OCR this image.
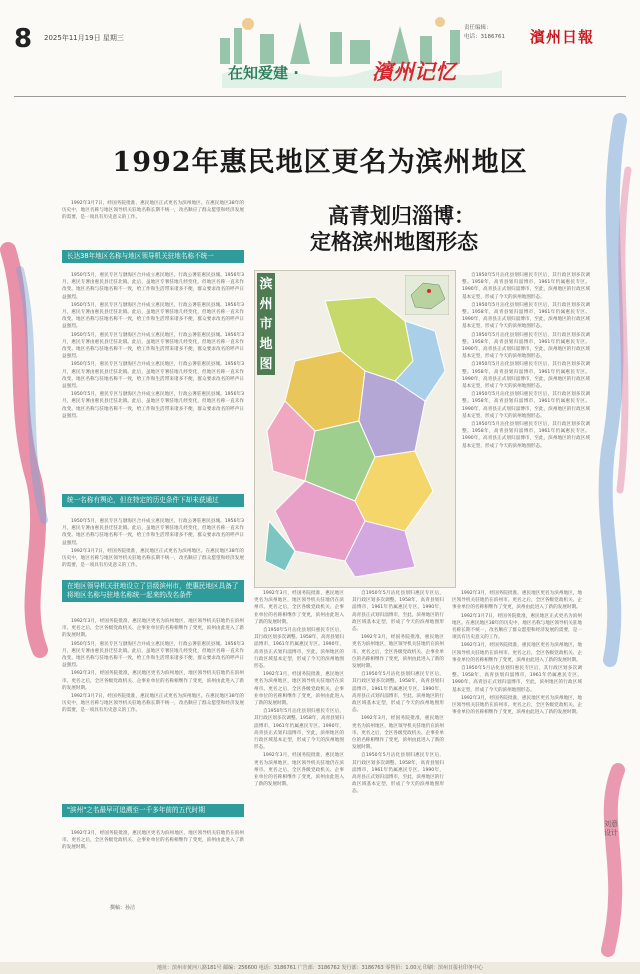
8 2025年11月19日 星期三
责任编辑：
电话：3186761 濱州日報
在知爱建 ·	濱州记忆
1992年惠民地区更名为滨州地区
高青划归淄博：
定格滨州地图形态

1992年3月7日，经国务院批准，惠民地区正式更名为滨州地区。在惠民地区38年的历史中，地区名称与地区领导机关驻地名称长期不统一，改名顺应了群众愿望和经济发展的需要，是一项具有历史意义的工作。

长达38年地区名称与地区领导机关驻地名称不统一

1950年5月，惠民专区与渤海区合并成立惠民地区，行政公署驻惠民县城。1956年3月，惠民专署由惠民县迁驻北镇。此后，虽地区专署驻地几经变化，但地区名称一直未作改变。地区名称与驻地名称不一致，给工作和生活带来诸多不便，群众要求改名的呼声日益强烈。

1950年5月，惠民专区与渤海区合并成立惠民地区，行政公署驻惠民县城。1956年3月，惠民专署由惠民县迁驻北镇。此后，虽地区专署驻地几经变化，但地区名称一直未作改变。地区名称与驻地名称不一致，给工作和生活带来诸多不便，群众要求改名的呼声日益强烈。

1950年5月，惠民专区与渤海区合并成立惠民地区，行政公署驻惠民县城。1956年3月，惠民专署由惠民县迁驻北镇。此后，虽地区专署驻地几经变化，但地区名称一直未作改变。地区名称与驻地名称不一致，给工作和生活带来诸多不便，群众要求改名的呼声日益强烈。

1950年5月，惠民专区与渤海区合并成立惠民地区，行政公署驻惠民县城。1956年3月，惠民专署由惠民县迁驻北镇。此后，虽地区专署驻地几经变化，但地区名称一直未作改变。地区名称与驻地名称不一致，给工作和生活带来诸多不便，群众要求改名的呼声日益强烈。

1950年5月，惠民专区与渤海区合并成立惠民地区，行政公署驻惠民县城。1956年3月，惠民专署由惠民县迁驻北镇。此后，虽地区专署驻地几经变化，但地区名称一直未作改变。地区名称与驻地名称不一致，给工作和生活带来诸多不便，群众要求改名的呼声日益强烈。

统一名称有舆论，但在特定的历史条件下却未获通过

1950年5月，惠民专区与渤海区合并成立惠民地区，行政公署驻惠民县城。1956年3月，惠民专署由惠民县迁驻北镇。此后，虽地区专署驻地几经变化，但地区名称一直未作改变。地区名称与驻地名称不一致，给工作和生活带来诸多不便，群众要求改名的呼声日益强烈。

1992年3月7日，经国务院批准，惠民地区正式更名为滨州地区。在惠民地区38年的历史中，地区名称与地区领导机关驻地名称长期不统一，改名顺应了群众愿望和经济发展的需要，是一项具有历史意义的工作。

自1950年5月沾化县划归惠民专区后，其行政区划多次调整。1958年，高青县划归淄博市，1961年仍属惠民专区。1990年，高青县正式划归淄博市，至此，滨州地区的行政区域基本定型，形成了今天的滨州地图形态。

自1950年5月沾化县划归惠民专区后，其行政区划多次调整。1958年，高青县划归淄博市，1961年仍属惠民专区。1990年，高青县正式划归淄博市，至此，滨州地区的行政区域基本定型，形成了今天的滨州地图形态。

自1950年5月沾化县划归惠民专区后，其行政区划多次调整。1958年，高青县划归淄博市，1961年仍属惠民专区。1990年，高青县正式划归淄博市，至此，滨州地区的行政区域基本定型，形成了今天的滨州地图形态。

自1950年5月沾化县划归惠民专区后，其行政区划多次调整。1958年，高青县划归淄博市，1961年仍属惠民专区。1990年，高青县正式划归淄博市，至此，滨州地区的行政区域基本定型，形成了今天的滨州地图形态。

自1950年5月沾化县划归惠民专区后，其行政区划多次调整。1958年，高青县划归淄博市，1961年仍属惠民专区。1990年，高青县正式划归淄博市，至此，滨州地区的行政区域基本定型，形成了今天的滨州地图形态。

自1950年5月沾化县划归惠民专区后，其行政区划多次调整。1958年，高青县划归淄博市，1961年仍属惠民专区。1990年，高青县正式划归淄博市，至此，滨州地区的行政区域基本定型，形成了今天的滨州地图形态。

滨州市地图
在地区领导机关驻地设立了县级滨州市，使惠民地区具备了将地区名称与驻地名称统一起来的改名条件

1992年3月，经国务院批准，惠民地区更名为滨州地区，地区领导机关驻地仍在滨州市。更名之后，全区各级党政机关、企事业单位的名称相继作了变更，滨州由此进入了新的发展时期。

1950年5月，惠民专区与渤海区合并成立惠民地区，行政公署驻惠民县城。1956年3月，惠民专署由惠民县迁驻北镇。此后，虽地区专署驻地几经变化，但地区名称一直未作改变。地区名称与驻地名称不一致，给工作和生活带来诸多不便，群众要求改名的呼声日益强烈。

1992年3月，经国务院批准，惠民地区更名为滨州地区，地区领导机关驻地仍在滨州市。更名之后，全区各级党政机关、企事业单位的名称相继作了变更，滨州由此进入了新的发展时期。

1992年3月7日，经国务院批准，惠民地区正式更名为滨州地区。在惠民地区38年的历史中，地区名称与地区领导机关驻地名称长期不统一，改名顺应了群众愿望和经济发展的需要，是一项具有历史意义的工作。

"滨州"之名最早可追溯至一千多年前的五代时期

1992年3月，经国务院批准，惠民地区更名为滨州地区，地区领导机关驻地仍在滨州市。更名之后，全区各级党政机关、企事业单位的名称相继作了变更，滨州由此进入了新的发展时期。

撰稿：孙洁

1992年3月，经国务院批准，惠民地区更名为滨州地区，地区领导机关驻地仍在滨州市。更名之后，全区各级党政机关、企事业单位的名称相继作了变更，滨州由此进入了新的发展时期。

自1950年5月沾化县划归惠民专区后，其行政区划多次调整。1958年，高青县划归淄博市，1961年仍属惠民专区。1990年，高青县正式划归淄博市，至此，滨州地区的行政区域基本定型，形成了今天的滨州地图形态。

1992年3月，经国务院批准，惠民地区更名为滨州地区，地区领导机关驻地仍在滨州市。更名之后，全区各级党政机关、企事业单位的名称相继作了变更，滨州由此进入了新的发展时期。

自1950年5月沾化县划归惠民专区后，其行政区划多次调整。1958年，高青县划归淄博市，1961年仍属惠民专区。1990年，高青县正式划归淄博市，至此，滨州地区的行政区域基本定型，形成了今天的滨州地图形态。

1992年3月，经国务院批准，惠民地区更名为滨州地区，地区领导机关驻地仍在滨州市。更名之后，全区各级党政机关、企事业单位的名称相继作了变更，滨州由此进入了新的发展时期。

自1950年5月沾化县划归惠民专区后，其行政区划多次调整。1958年，高青县划归淄博市，1961年仍属惠民专区。1990年，高青县正式划归淄博市，至此，滨州地区的行政区域基本定型，形成了今天的滨州地图形态。

1992年3月，经国务院批准，惠民地区更名为滨州地区，地区领导机关驻地仍在滨州市。更名之后，全区各级党政机关、企事业单位的名称相继作了变更，滨州由此进入了新的发展时期。

自1950年5月沾化县划归惠民专区后，其行政区划多次调整。1958年，高青县划归淄博市，1961年仍属惠民专区。1990年，高青县正式划归淄博市，至此，滨州地区的行政区域基本定型，形成了今天的滨州地图形态。

1992年3月，经国务院批准，惠民地区更名为滨州地区，地区领导机关驻地仍在滨州市。更名之后，全区各级党政机关、企事业单位的名称相继作了变更，滨州由此进入了新的发展时期。

自1950年5月沾化县划归惠民专区后，其行政区划多次调整。1958年，高青县划归淄博市，1961年仍属惠民专区。1990年，高青县正式划归淄博市，至此，滨州地区的行政区域基本定型，形成了今天的滨州地图形态。

1992年3月，经国务院批准，惠民地区更名为滨州地区，地区领导机关驻地仍在滨州市。更名之后，全区各级党政机关、企事业单位的名称相继作了变更，滨州由此进入了新的发展时期。

1992年3月7日，经国务院批准，惠民地区正式更名为滨州地区。在惠民地区38年的历史中，地区名称与地区领导机关驻地名称长期不统一，改名顺应了群众愿望和经济发展的需要，是一项具有历史意义的工作。

1992年3月，经国务院批准，惠民地区更名为滨州地区，地区领导机关驻地仍在滨州市。更名之后，全区各级党政机关、企事业单位的名称相继作了变更，滨州由此进入了新的发展时期。

自1950年5月沾化县划归惠民专区后，其行政区划多次调整。1958年，高青县划归淄博市，1961年仍属惠民专区。1990年，高青县正式划归淄博市，至此，滨州地区的行政区域基本定型，形成了今天的滨州地图形态。

1992年3月，经国务院批准，惠民地区更名为滨州地区，地区领导机关驻地仍在滨州市。更名之后，全区各级党政机关、企事业单位的名称相继作了变更，滨州由此进入了新的发展时期。

刘意设计
地址：滨州市黄河八路181号 邮编：256600 电话：3186761 广告部：3186762 发行部：3186763 零售价：1.00元 印刷：滨州日报社印务中心
